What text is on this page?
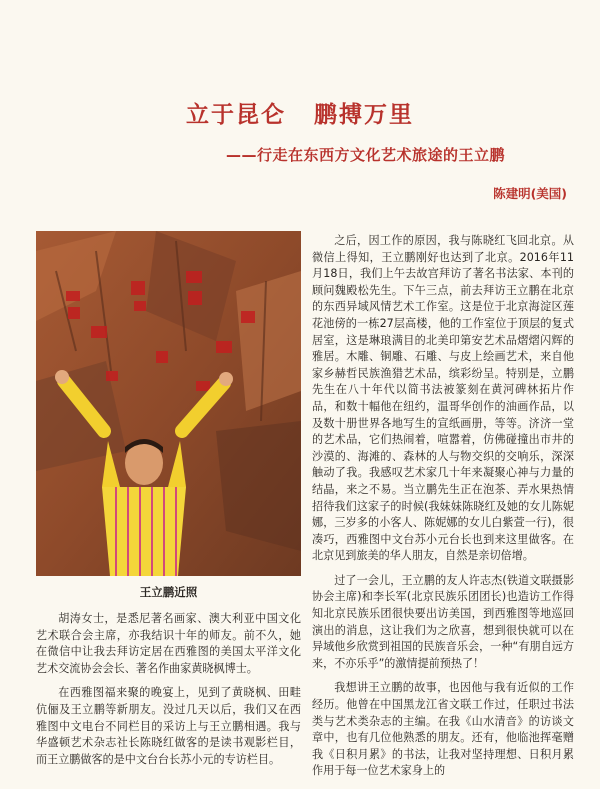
立于昆仑 鹏搏万里
——行走在东西方文化艺术旅途的王立鹏
陈建明(美国)
王立鹏近照

胡涛女士，是悉尼著名画家、澳大利亚中国文化艺术联合会主席，亦我结识十年的师友。前不久，她在微信中让我去拜访定居在西雅图的美国太平洋文化艺术交流协会会长、著名作曲家黄晓枫博士。

在西雅图福来聚的晚宴上，见到了黄晓枫、田畦伉俪及王立鹏等新朋友。没过几天以后，我们又在西雅图中文电台不同栏目的采访上与王立鹏相遇。我与华盛顿艺术杂志社长陈晓红做客的是读书观影栏目，而王立鹏做客的是中文台台长苏小元的专访栏目。

之后，因工作的原因，我与陈晓红飞回北京。从微信上得知，王立鹏刚好也达到了北京。2016年11月18日，我们上午去故宫拜访了著名书法家、本刊的顾问魏殿松先生。下午三点，前去拜访王立鹏在北京的东西异域风情艺术工作室。这是位于北京海淀区莲花池傍的一栋27层高楼，他的工作室位于顶层的复式居室，这是琳琅满目的北美印第安艺术品熠熠闪辉的雅居。木雕、铜雕、石雕、与皮上绘画艺术，来自他家乡赫哲民族渔猎艺术品，缤彩纷呈。特别是，立鹏先生在八十年代以简书法被篆刻在黄河碑林拓片作品，和数十幅他在纽约，温哥华创作的油画作品，以及数十册世界各地写生的宣纸画册，等等。济济一堂的艺术品，它们热闹着，喧嚣着，仿佛碰撞出市井的沙漠的、海滩的、森林的人与物交织的交响乐，深深触动了我。我感叹艺术家几十年来凝聚心神与力量的结晶，来之不易。当立鹏先生正在泡茶、弄水果热情招待我们这家子的时候(我妹妹陈晓红及她的女儿陈妮娜，三岁多的小客人、陈妮娜的女儿白紫萱一行)，很凑巧，西雅图中文台苏小元台长也到来这里做客。在北京见到旅美的华人朋友，自然是亲切倍增。

过了一会儿，王立鹏的友人许志杰(铁道文联摄影协会主席)和李长军(北京民族乐团团长)也造访工作得知北京民族乐团很快要出访美国，到西雅图等地巡回演出的消息，这让我们为之欣喜，想到很快就可以在异域他乡欣赏到祖国的民族音乐会，一种“有朋自远方来，不亦乐乎”的激情提前预热了！

我想讲王立鹏的故事，也因他与我有近似的工作经历。他曾在中国黑龙江省文联工作过，任职过书法类与艺术类杂志的主编。在我《山水清音》的访谈文章中，也有几位他熟悉的朋友。还有，他临池挥毫赠我《日积月累》的书法，让我对坚持理想、日积月累作用于每一位艺术家身上的
